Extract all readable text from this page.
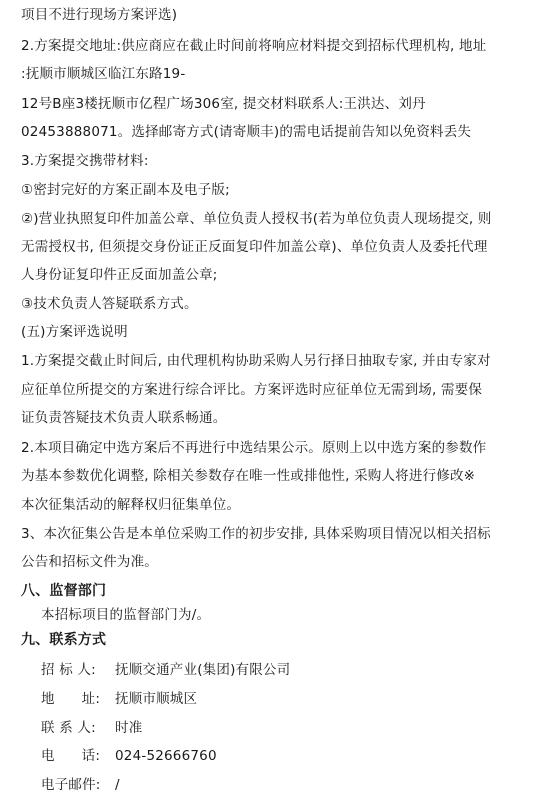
项目不进行现场方案评选)
2.方案提交地址:供应商应在截止时间前将响应材料提交到招标代理机构, 地址
:抚顺市顺城区临江东路19-
12号B座3楼抚顺市亿程广场306室, 提交材料联系人:王洪达、刘丹
02453888071。选择邮寄方式(请寄顺丰)的需电话提前告知以免资料丢失
3.方案提交携带材料:
①密封完好的方案正副本及电子版;
②)营业执照复印件加盖公章、单位负责人授权书(若为单位负责人现场提交, 则
无需授权书, 但须提交身份证正反面复印件加盖公章)、单位负责人及委托代理
人身份证复印件正反面加盖公章;
③技术负责人答疑联系方式。
(五)方案评选说明
1.方案提交截止时间后, 由代理机构协助采购人另行择日抽取专家, 并由专家对
应征单位所提交的方案进行综合评比。方案评选时应征单位无需到场, 需要保
证负责答疑技术负责人联系畅通。
2.本项目确定中选方案后不再进行中选结果公示。原则上以中选方案的参数作
为基本参数优化调整, 除相关参数存在唯一性或排他性, 采购人将进行修改※
本次征集活动的解释权归征集单位。
3、本次征集公告是本单位采购工作的初步安排, 具体采购项目情况以相关招标
公告和招标文件为准。
八、监督部门
本招标项目的监督部门为/。
九、联系方式
招 标 人: 抚顺交通产业(集团)有限公司
地      址: 抚顺市顺城区
联 系 人: 时准
电      话: 024-52666760
电子邮件: /
